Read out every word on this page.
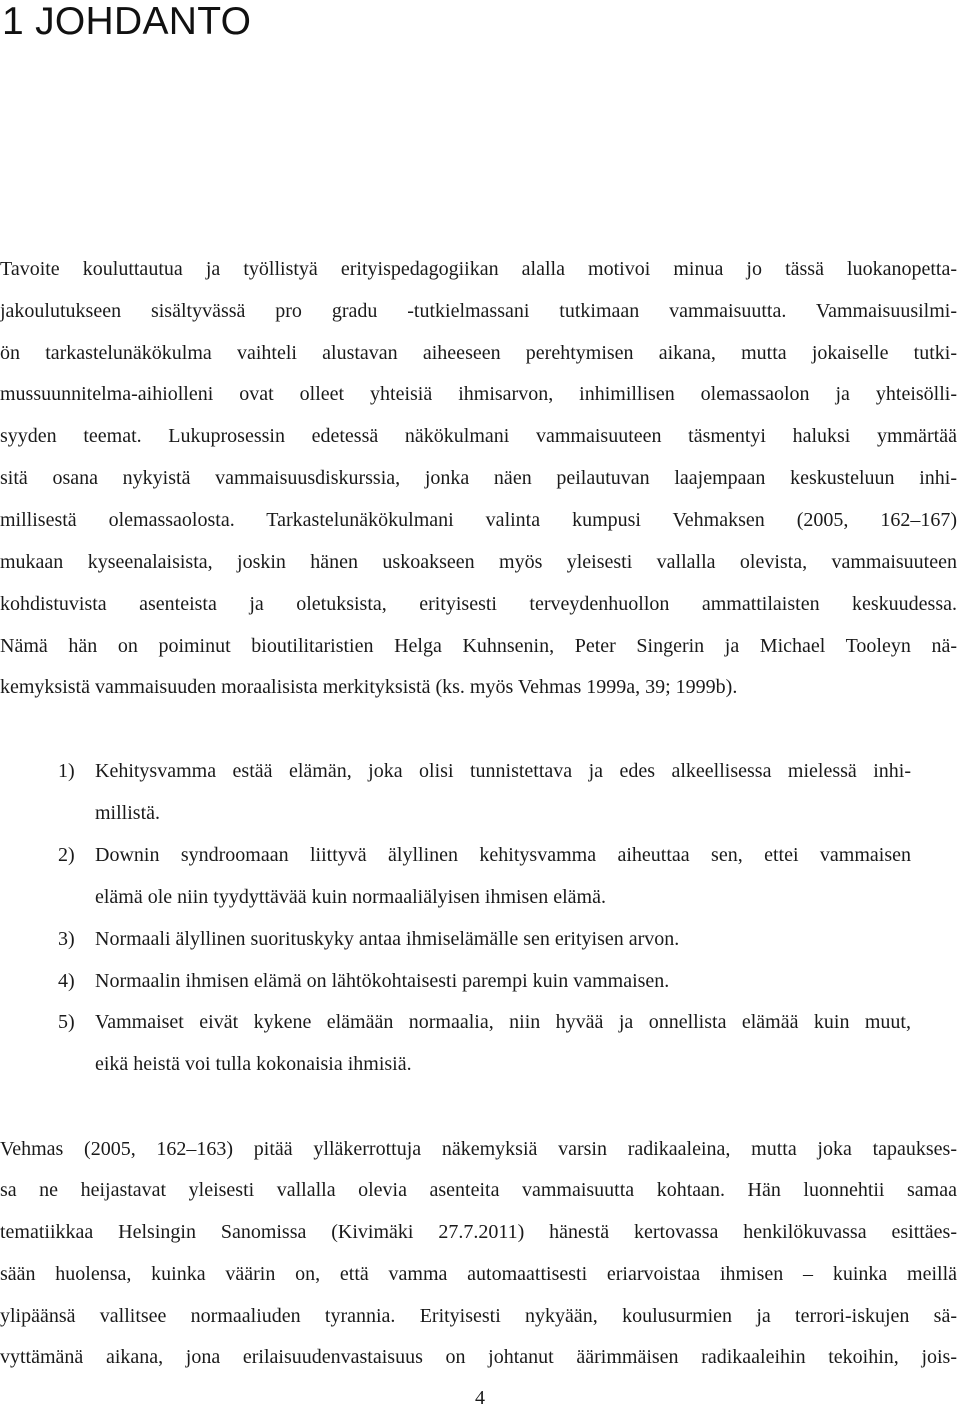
1 JOHDANTO

Tavoite kouluttautua ja työllistyä erityispedagogiikan alalla motivoi minua jo tässä luokanopetta-

jakoulutukseen sisältyvässä pro gradu -tutkielmassani tutkimaan vammaisuutta. Vammaisuusilmi-

ön tarkastelunäkökulma vaihteli alustavan aiheeseen perehtymisen aikana, mutta jokaiselle tutki-

mussuunnitelma-aihiolleni ovat olleet yhteisiä ihmisarvon, inhimillisen olemassaolon ja yhteisölli-

syyden teemat. Lukuprosessin edetessä näkökulmani vammaisuuteen täsmentyi haluksi ymmärtää

sitä osana nykyistä vammaisuusdiskurssia, jonka näen peilautuvan laajempaan keskusteluun inhi-

millisestä olemassaolosta. Tarkastelunäkökulmani valinta kumpusi Vehmaksen (2005, 162–167)

mukaan kyseenalaisista, joskin hänen uskoakseen myös yleisesti vallalla olevista, vammaisuuteen

kohdistuvista asenteista ja oletuksista, erityisesti terveydenhuollon ammattilaisten keskuudessa.

Nämä hän on poiminut bioutilitaristien Helga Kuhnsenin, Peter Singerin ja Michael Tooleyn nä-

kemyksistä vammaisuuden moraalisista merkityksistä (ks. myös Vehmas 1999a, 39; 1999b).

1) Kehitysvamma estää elämän, joka olisi tunnistettava ja edes alkeellisessa mielessä inhi-

millistä.

2) Downin syndroomaan liittyvä älyllinen kehitysvamma aiheuttaa sen, ettei vammaisen

elämä ole niin tyydyttävää kuin normaaliälyisen ihmisen elämä.

3) Normaali älyllinen suorituskyky antaa ihmiselämälle sen erityisen arvon.

4) Normaalin ihmisen elämä on lähtökohtaisesti parempi kuin vammaisen.

5) Vammaiset eivät kykene elämään normaalia, niin hyvää ja onnellista elämää kuin muut,

eikä heistä voi tulla kokonaisia ihmisiä.

Vehmas (2005, 162–163) pitää ylläkerrottuja näkemyksiä varsin radikaaleina, mutta joka tapaukses-

sa ne heijastavat yleisesti vallalla olevia asenteita vammaisuutta kohtaan. Hän luonnehtii samaa

tematiikkaa Helsingin Sanomissa (Kivimäki 27.7.2011) hänestä kertovassa henkilökuvassa esittäes-

sään huolensa, kuinka väärin on, että vamma automaattisesti eriarvoistaa ihmisen – kuinka meillä

ylipäänsä vallitsee normaaliuden tyrannia. Erityisesti nykyään, koulusurmien ja terrori-iskujen sä-

vyttämänä aikana, jona erilaisuudenvastaisuus on johtanut äärimmäisen radikaaleihin tekoihin, jois-

4
